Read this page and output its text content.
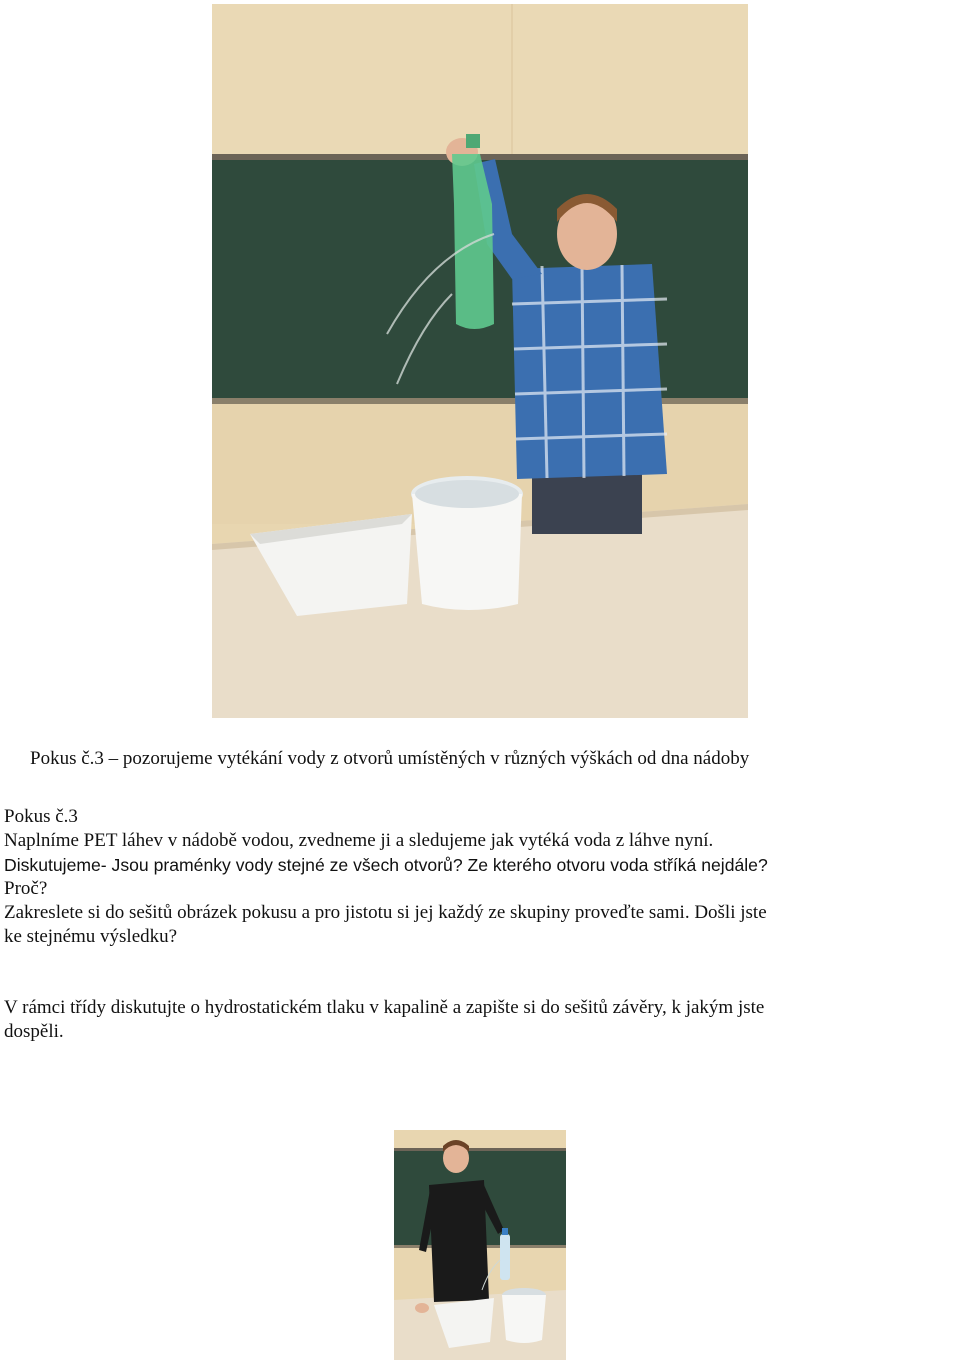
Pokus č.3 – pozorujeme vytékání vody z otvorů umístěných v různých výškách od dna nádoby
Pokus č.3
Naplníme PET láhev v nádobě vodou, zvedneme ji a sledujeme jak vytéká voda z láhve nyní.
Diskutujeme- Jsou praménky vody stejné ze všech otvorů? Ze kterého otvoru voda stříká nejdále?
Proč?
Zakreslete si do sešitů obrázek pokusu a pro jistotu si jej každý ze skupiny proveďte sami. Došli jste
ke stejnému výsledku?
V rámci třídy diskutujte o hydrostatickém tlaku v kapalině a zapište si do sešitů závěry, k jakým jste
dospěli.
